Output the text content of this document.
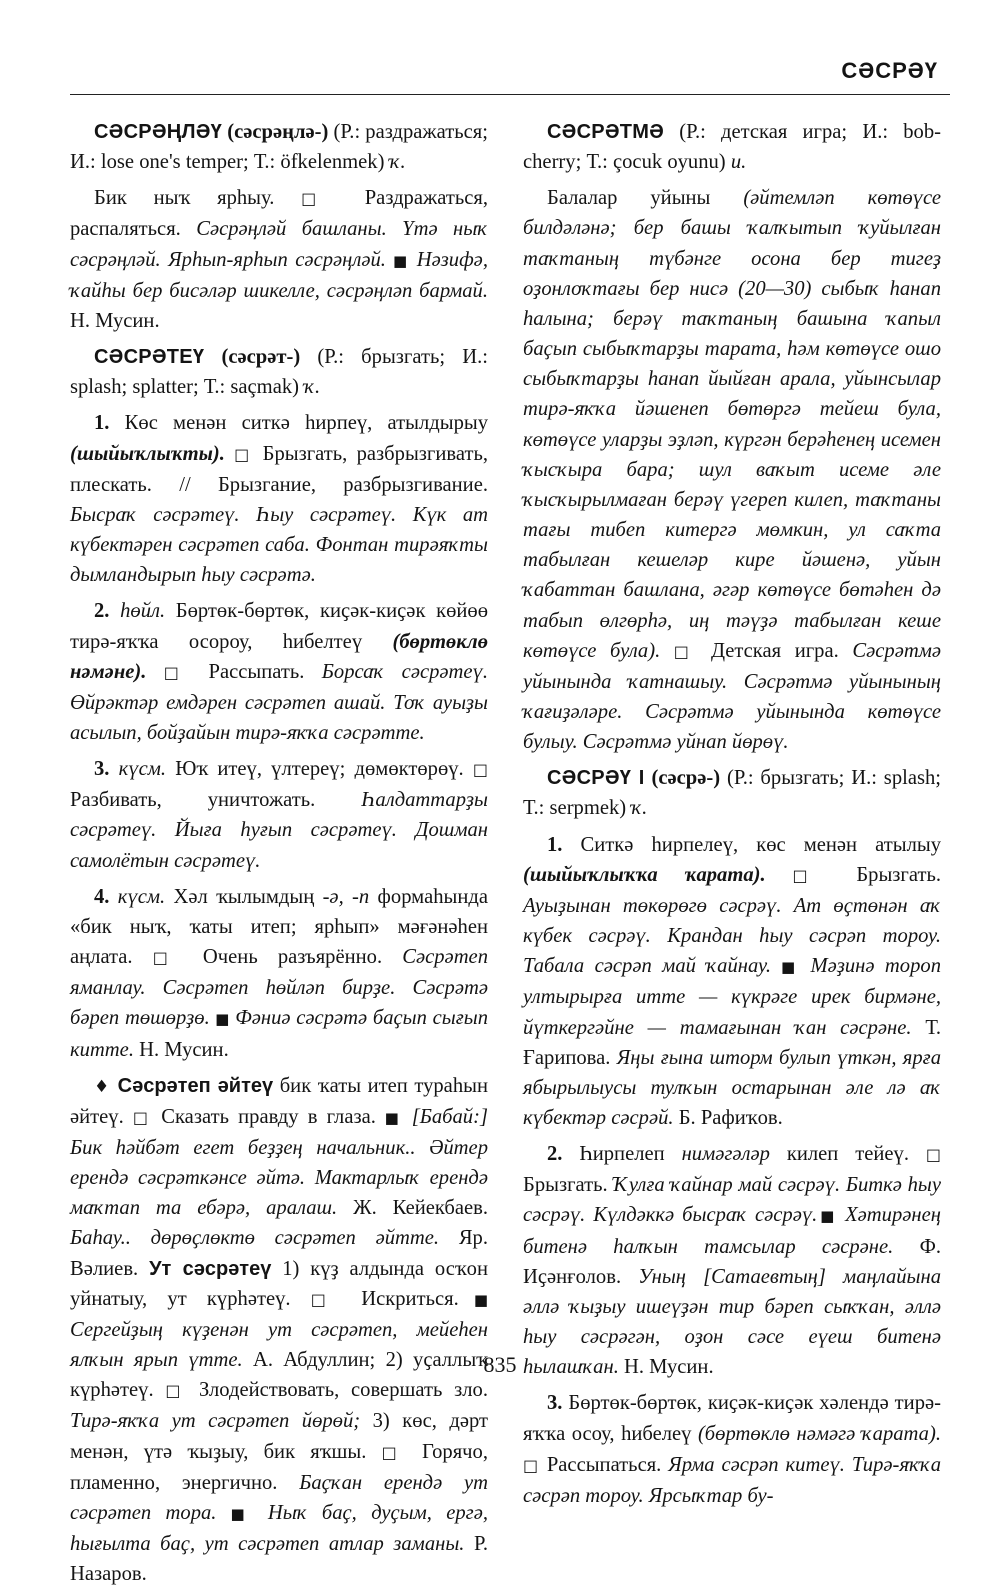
СӘСРӘҮ

СӘСРӘҢЛӘҮ (сәсрәңлә-) (Р.: раздражаться; И.: lose one's temper; Т.: öfkelenmek) ҡ.

Бик ныҡ ярһыу. □ Раздражаться, распаляться. Сәсрәңләй башланы. Үтә ныҡ сәсрәңләй. Ярһып-ярһып сәсрәңләй. ■ Нәзифә, ҡайһы бер бисәләр шикелле, сәсрәңләп бармай. Н. Мусин.

СӘСРӘТЕҮ (сәсрәт-) (Р.: брызгать; И.: splash; splatter; Т.: saçmak) ҡ.

1. Көс менән ситкә һирпеү, атылдырыу (шыйыҡлыҡты). □ Брызгать, разбрызгивать, плескать. // Брызгание, разбрызгивание. Бысраҡ сәсрәтеү. Һыу сәсрәтеү. Күк ат күбектәрен сәсрәтеп саба. Фонтан тирәяҡты дымландырып һыу сәсрәтә.

2. һөйл. Бөртөк-бөртөк, киҫәк-киҫәк көйөө тирә-яҡҡа осороу, һибелтеү (бөртөклө нәмәне). □ Рассыпать. Борсаҡ сәсрәтеү. Өйрәктәр емдәрен сәсрәтеп ашай. Тоҡ ауыҙы асылып, бойҙайын тирә-яҡҡа сәсрәтте.

3. күсм. Юҡ итеү, үлтереү; дөмөктөрөү. □ Разбивать, уничтожать. Һалдаттарҙы сәсрәтеү. Йыға һуғып сәсрәтеү. Дошман самолётын сәсрәтеү.

4. күсм. Хәл ҡылымдың -ә, -п формаһында «бик ныҡ, ҡаты итеп; ярһып» мәғәнәһен аңлата. □ Очень разъярённо. Сәсрәтеп яманлау. Сәсрәтеп һөйләп бирҙе. Сәсрәтә бәреп төшөрҙө. ■ Фәниә сәсрәтә баҫып сығып китте. Н. Мусин.

♦ Сәсрәтеп әйтеү бик ҡаты итеп тураһын әйтеү. □ Сказать правду в глаза. ■ [Бабай:] Бик һәйбәт егет беҙҙең начальник.. Әйтер ерендә сәсрәткәнсе әйтә. Мактарлыҡ ерендә маҡтап та ебәрә, аралаш. Ж. Кейекбаев. Баһау.. дөрөҫлөктө сәсрәтеп әйтте. Яр. Вәлиев. Ут сәсрәтеү 1) күҙ алдында осҡон уйнатыу, ут күрһәтеү. □ Искриться.■ Сергейҙың күҙенән ут сәсрәтеп, мейеһен ялҡын ярып үтте. А. Абдуллин; 2) уҫаллыҡ күрһәтеү. □ Злодействовать, совершать зло. Тирә-яҡҡа ут сәсрәтеп йөрөй; 3) көс, дәрт менән, үтә ҡыҙыу, бик яҡшы. □ Горячо, пламенно, энергично. Баҫҡан ерендә ут сәсрәтеп тора. ■ Ныҡ баҫ, дуҫым, ергә, һығылта баҫ, ут сәсрәтеп атлар заманы. Р. Назаров.

СӘСРӘТМӘ (Р.: детская игра; И.: bob-cherry; Т.: çocuk oyunu) и.

Балалар уйыны (әйтемләп көтөүсе билдәләнә; бер башы ҡалҡытып ҡуйылған таҡтаның түбәнге осона бер тигеҙ оҙонлоҡтағы бер нисә (20—30) сыбыҡ һанап һалына; берәү таҡтаның башына ҡапыл баҫып сыбыҡтарҙы тарата, һәм көтөүсе ошо сыбыҡтарҙы һанап йыйған арала, уйынсылар тирә-яҡҡа йәшенеп бөтөргә тейеш була, көтөүсе уларҙы эҙләп, күргән берәһенең исемен ҡысҡыра бара; шул ваҡыт исеме әле ҡысҡырылмаған берәү үгереп килеп, таҡтаны тағы тибеп китергә мөмкин, ул саҡта табылған кешеләр кире йәшенә, уйын ҡабаттан башлана, әгәр көтөүсе бөтәһен дә табып өлгөрһә, иң тәүҙә табылған кеше көтөүсе була). □ Детская игра. Сәсрәтмә уйынында ҡатнашыу. Сәсрәтмә уйынының ҡағиҙәләре. Сәсрәтмә уйынында көтөүсе булыу. Сәсрәтмә уйнап йөрөү.

СӘСРӘҮ I (сәсрә-) (Р.: брызгать; И.: splash; Т.: serpmek) ҡ.

1. Ситкә һирпелеү, көс менән атылыу (шыйыҡлыҡҡа ҡарата). □ Брызгать. Ауыҙынан төкөрөгө сәсрәү. Ат өҫтөнән аҡ күбек сәсрәү. Крандан һыу сәсрәп тороу. Табала сәсрәп май ҡайнау. ■ Мәҙинә тороп ултырырға итте — күкрәге ирек бирмәне, йүткергәйне — тамағынан ҡан сәсрәне. Т. Ғарипова. Яңы ғына шторм булып үткән, ярға ябырылыусы тулҡын остарынан әле лә аҡ күбектәр сәсрәй. Б. Рафиҡов.

2. Һирпелеп нимәгәләр килеп тейеү. □ Брызгать. Ҡулға ҡайнар май сәсрәү. Биткә һыу сәсрәү. Күлдәккә бысраҡ сәсрәү.■ Хәтирәнең битенә һалҡын тамсылар сәсрәне. Ф. Иҫәнғолов. Уның [Сатаевтың] маңлайына әллә ҡыҙыу ишеүҙән тир бәреп сыҡҡан, әллә һыу сәсрәгән, оҙон сәсе еүеш битенә һылашҡан. Н. Мусин.

3. Бөртөк-бөртөк, киҫәк-киҫәк хәлендә тирә-яҡҡа осоу, һибелеү (бөртөклө нәмәгә ҡарата). □ Рассыпаться. Ярма сәсрәп китеү. Тирә-яҡҡа сәсрәп тороу. Ярсыҡтар бу-

835
